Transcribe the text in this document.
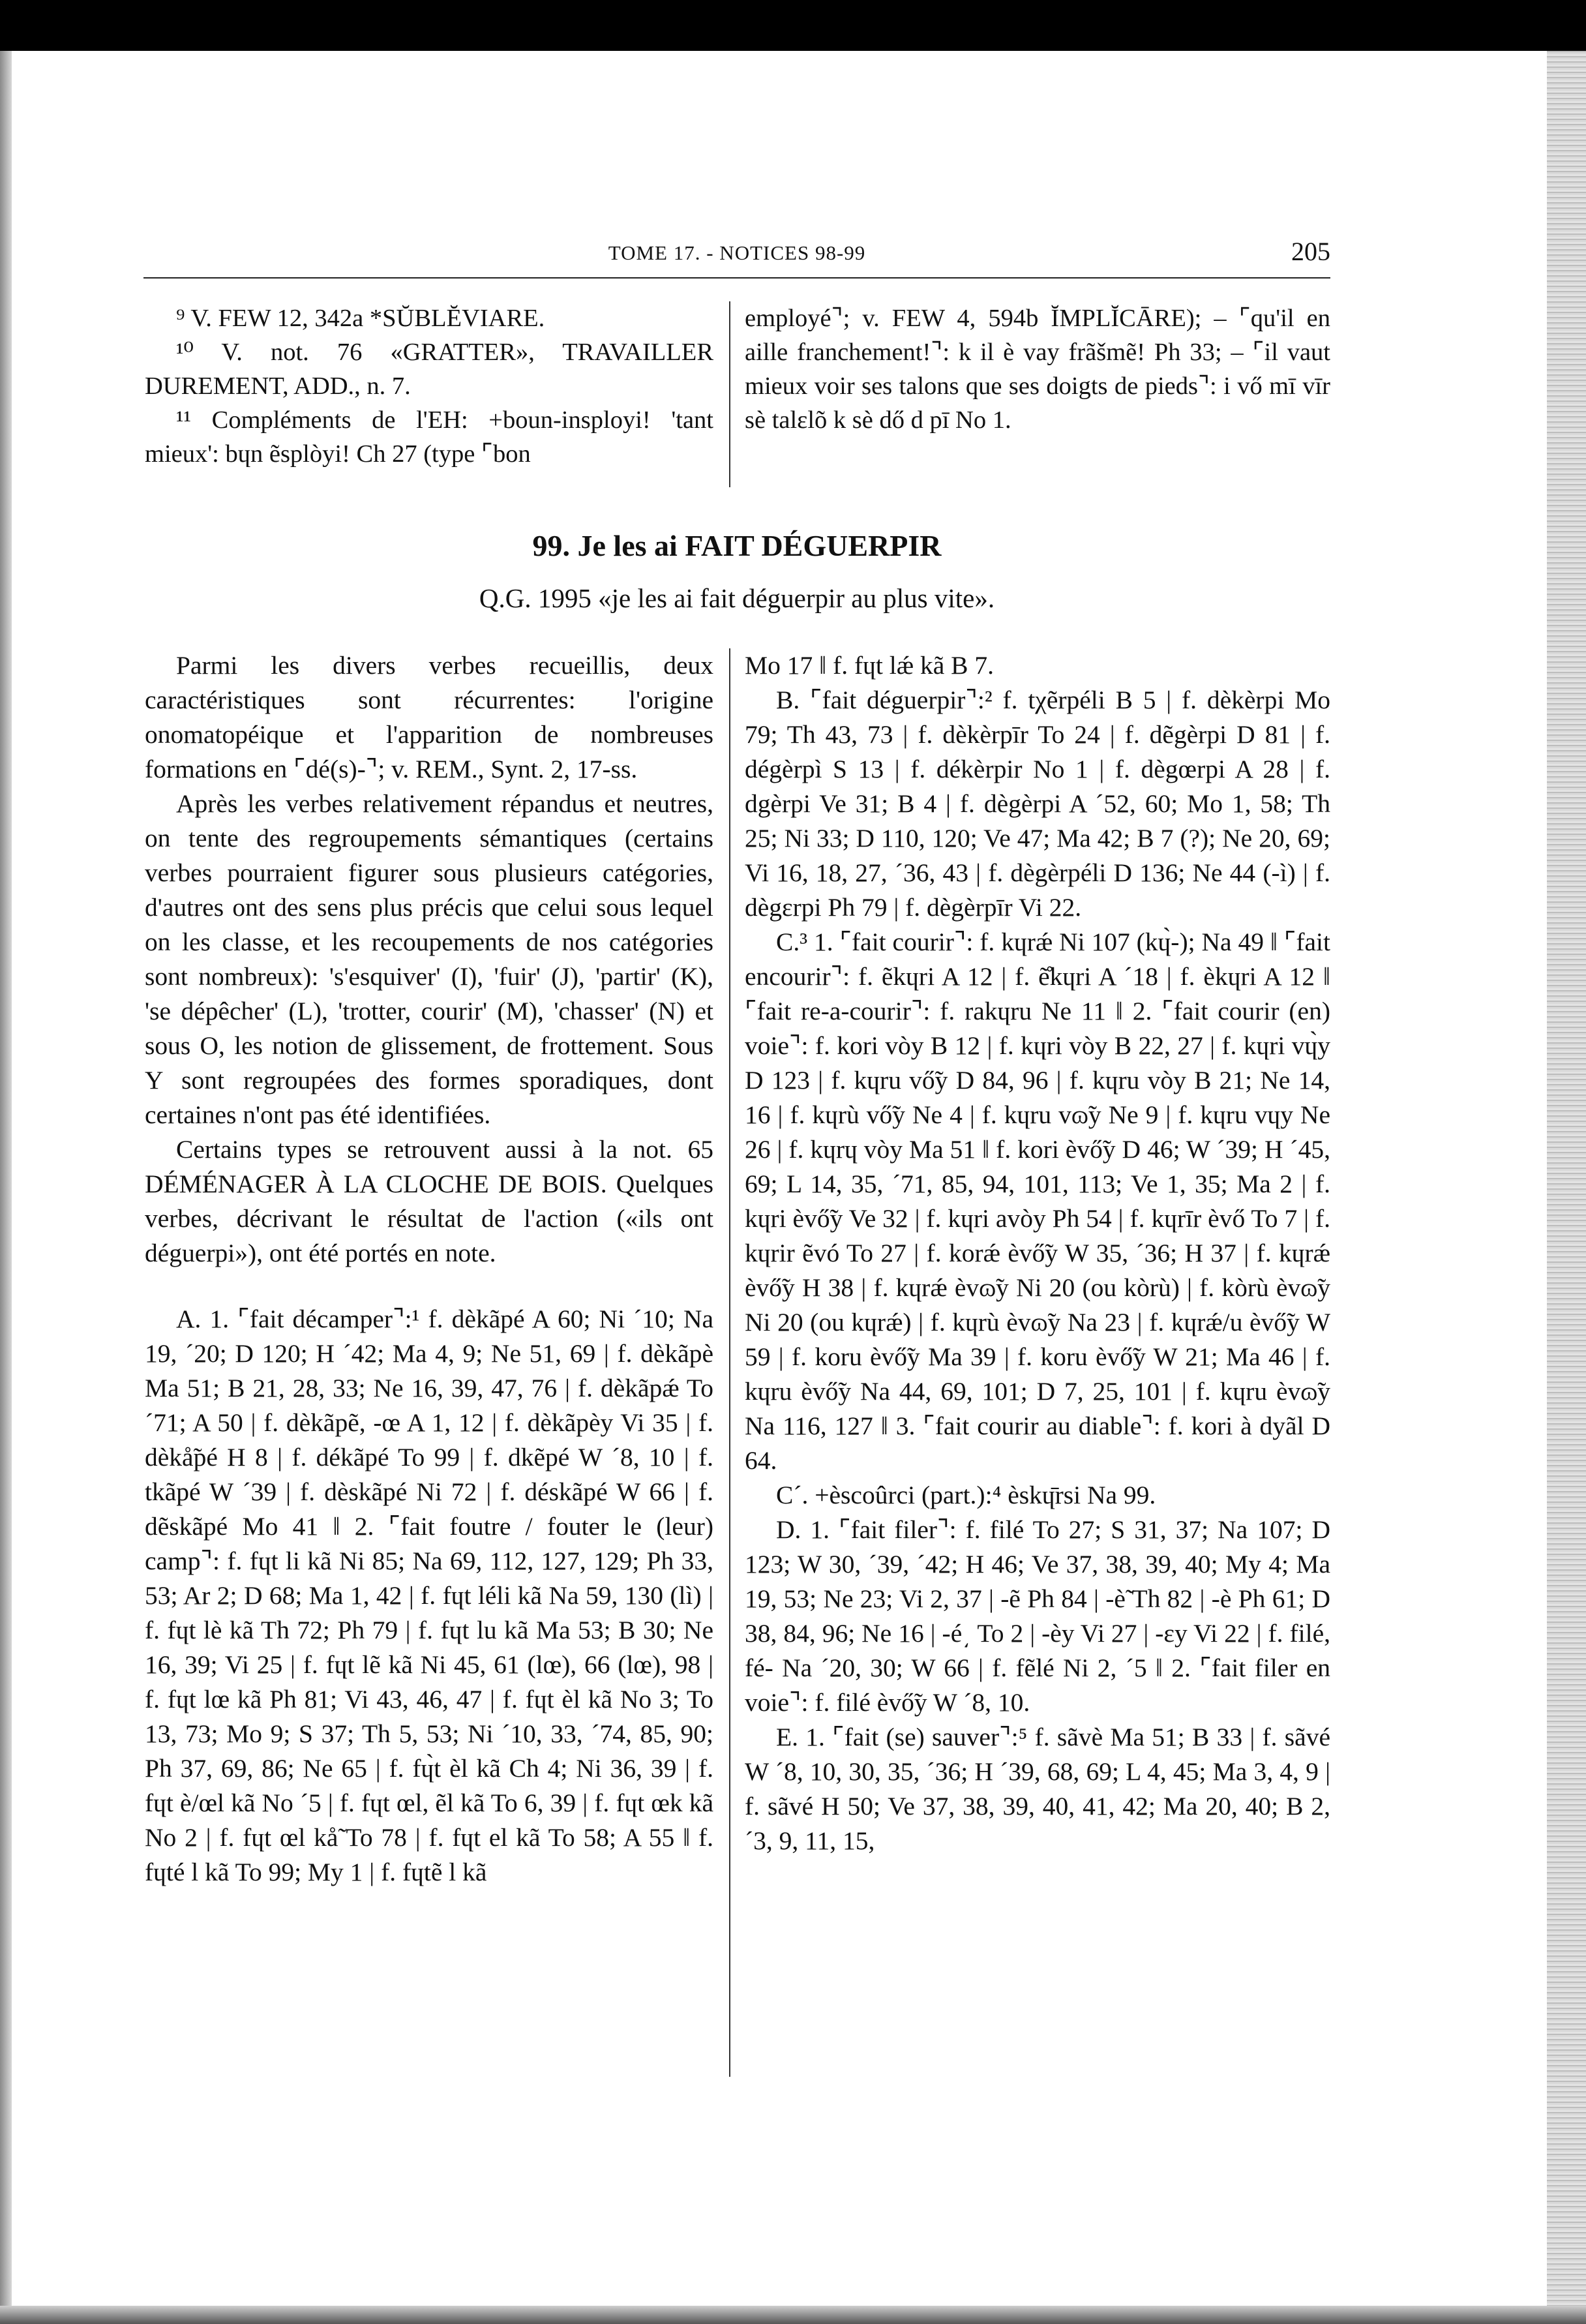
TOME 17. - NOTICES 98-99	205

⁹ V. FEW 12, 342a *SŬBLĔVIARE.

¹⁰ V. not. 76 «GRATTER», TRAVAILLER DUREMENT, ADD., n. 7.

¹¹ Compléments de l'EH: +boun-insployi! 'tant mieux': bɥn ẽsplòyi! Ch 27 (type ⌜bon

employé⌝; v. FEW 4, 594b ĬMPLĬCĀRE); – ⌜qu'il en aille franchement!⌝: k il è vay frãšmẽ! Ph 33; – ⌜il vaut mieux voir ses talons que ses doigts de pieds⌝: i vő mī vīr sè talɛlõ k sè dő d pī No 1.

99. Je les ai FAIT DÉGUERPIR
Q.G. 1995 «je les ai fait déguerpir au plus vite».

Parmi les divers verbes recueillis, deux caractéristiques sont récurrentes: l'origine onomatopéique et l'apparition de nombreuses formations en ⌜dé(s)-⌝; v. REM., Synt. 2, 17-ss.

Après les verbes relativement répandus et neutres, on tente des regroupements sémantiques (certains verbes pourraient figurer sous plusieurs catégories, d'autres ont des sens plus précis que celui sous lequel on les classe, et les recoupements de nos catégories sont nombreux): 's'esquiver' (I), 'fuir' (J), 'partir' (K), 'se dépêcher' (L), 'trotter, courir' (M), 'chasser' (N) et sous O, les notion de glissement, de frottement. Sous Y sont regroupées des formes sporadiques, dont certaines n'ont pas été identifiées.

Certains types se retrouvent aussi à la not. 65 DÉMÉNAGER À LA CLOCHE DE BOIS. Quelques verbes, décrivant le résultat de l'action («ils ont déguerpi»), ont été portés en note.

A. 1. ⌜fait décamper⌝:¹ f. dèkãpé A 60; Ni ´10; Na 19, ´20; D 120; H ´42; Ma 4, 9; Ne 51, 69 | f. dèkãpè Ma 51; B 21, 28, 33; Ne 16, 39, 47, 76 | f. dèkãpǽ To ´71; A 50 | f. dèkãpẽ, -œ A 1, 12 | f. dèkãpèy Vi 35 | f. dèkå̃pé H 8 | f. dékãpé To 99 | f. dkẽpé W ´8, 10 | f. tkãpé W ´39 | f. dèskãpé Ni 72 | f. déskãpé W 66 | f. dẽskãpé Mo 41 ‖ 2. ⌜fait foutre / fouter le (leur) camp⌝: f. fɥt li kã Ni 85; Na 69, 112, 127, 129; Ph 33, 53; Ar 2; D 68; Ma 1, 42 | f. fɥt léli kã Na 59, 130 (lì) | f. fɥt lè kã Th 72; Ph 79 | f. fɥt lu kã Ma 53; B 30; Ne 16, 39; Vi 25 | f. fɥt lẽ kã Ni 45, 61 (lœ), 66 (lœ), 98 | f. fɥt lœ kã Ph 81; Vi 43, 46, 47 | f. fɥt èl kã No 3; To 13, 73; Mo 9; S 37; Th 5, 53; Ni ´10, 33, ´74, 85, 90; Ph 37, 69, 86; Ne 65 | f. fɥ̀t èl kã Ch 4; Ni 36, 39 | f. fɥt è/œl kã No ´5 | f. fɥt œl, ẽl kã To 6, 39 | f. fɥt œk kã No 2 | f. fɥt œl kå̃ To 78 | f. fɥt el kã To 58; A 55 ‖ f. fɥté l kã To 99; My 1 | f. fɥtẽ l kã

Mo 17 ‖ f. fɥt lǽ kã B 7.

B. ⌜fait déguerpir⌝:² f. tχẽrpéli B 5 | f. dèkèrpi Mo 79; Th 43, 73 | f. dèkèrpīr To 24 | f. dẽgèrpi D 81 | f. dégèrpì S 13 | f. dékèrpir No 1 | f. dègœrpi A 28 | f. dgèrpi Ve 31; B 4 | f. dègèrpi A ´52, 60; Mo 1, 58; Th 25; Ni 33; D 110, 120; Ve 47; Ma 42; B 7 (?); Ne 20, 69; Vi 16, 18, 27, ´36, 43 | f. dègèrpéli D 136; Ne 44 (-ì) | f. dègɛrpi Ph 79 | f. dègèrpīr Vi 22.

C.³ 1. ⌜fait courir⌝: f. kɥrǽ Ni 107 (kɥ̀-); Na 49 ‖ ⌜fait encourir⌝: f. ẽkɥri A 12 | f. ẽ̊kɥri A ´18 | f. èkɥri A 12 ‖ ⌜fait re-a-courir⌝: f. rakɥru Ne 11 ‖ 2. ⌜fait courir (en) voie⌝: f. kori vòy B 12 | f. kɥri vòy B 22, 27 | f. kɥri vɥ̀y D 123 | f. kɥru vő̃y D 84, 96 | f. kɥru vòy B 21; Ne 14, 16 | f. kɥrù vő̃y Ne 4 | f. kɥru vɷ̃y Ne 9 | f. kɥru vɥy Ne 26 | f. kɥrɥ vòy Ma 51 ‖ f. kori èvő̃y D 46; W ´39; H ´45, 69; L 14, 35, ´71, 85, 94, 101, 113; Ve 1, 35; Ma 2 | f. kɥri èvő̃y Ve 32 | f. kɥri avòy Ph 54 | f. kɥrīr èvő To 7 | f. kɥrir ẽvó To 27 | f. korǽ èvő̃y W 35, ´36; H 37 | f. kɥrǽ èvő̃y H 38 | f. kɥrǽ èvɷ̃y Ni 20 (ou kòrù) | f. kòrù èvɷ̃y Ni 20 (ou kɥrǽ) | f. kɥrù èvɷ̃y Na 23 | f. kɥrǽ/u èvő̃y W 59 | f. koru èvő̃y Ma 39 | f. koru èvő̃y W 21; Ma 46 | f. kɥru èvő̃y Na 44, 69, 101; D 7, 25, 101 | f. kɥru èvɷ̃y Na 116, 127 ‖ 3. ⌜fait courir au diable⌝: f. kori à dyãl D 64.

C´. +èscoûrci (part.):⁴ èskɥ̄rsi Na 99.

D. 1. ⌜fait filer⌝: f. filé To 27; S 31, 37; Na 107; D 123; W 30, ´39, ´42; H 46; Ve 37, 38, 39, 40; My 4; Ma 19, 53; Ne 23; Vi 2, 37 | -ẽ Ph 84 | -è̃ Th 82 | -è Ph 61; D 38, 84, 96; Ne 16 | -é͵ To 2 | -èy Vi 27 | -ɛy Vi 22 | f. filé, fé- Na ´20, 30; W 66 | f. fẽlé Ni 2, ´5 ‖ 2. ⌜fait filer en voie⌝: f. filé èvő̃y W ´8, 10.

E. 1. ⌜fait (se) sauver⌝:⁵ f. sãvè Ma 51; B 33 | f. sãvé W ´8, 10, 30, 35, ´36; H ´39, 68, 69; L 4, 45; Ma 3, 4, 9 | f. sãvé H 50; Ve 37, 38, 39, 40, 41, 42; Ma 20, 40; B 2, ´3, 9, 11, 15,
